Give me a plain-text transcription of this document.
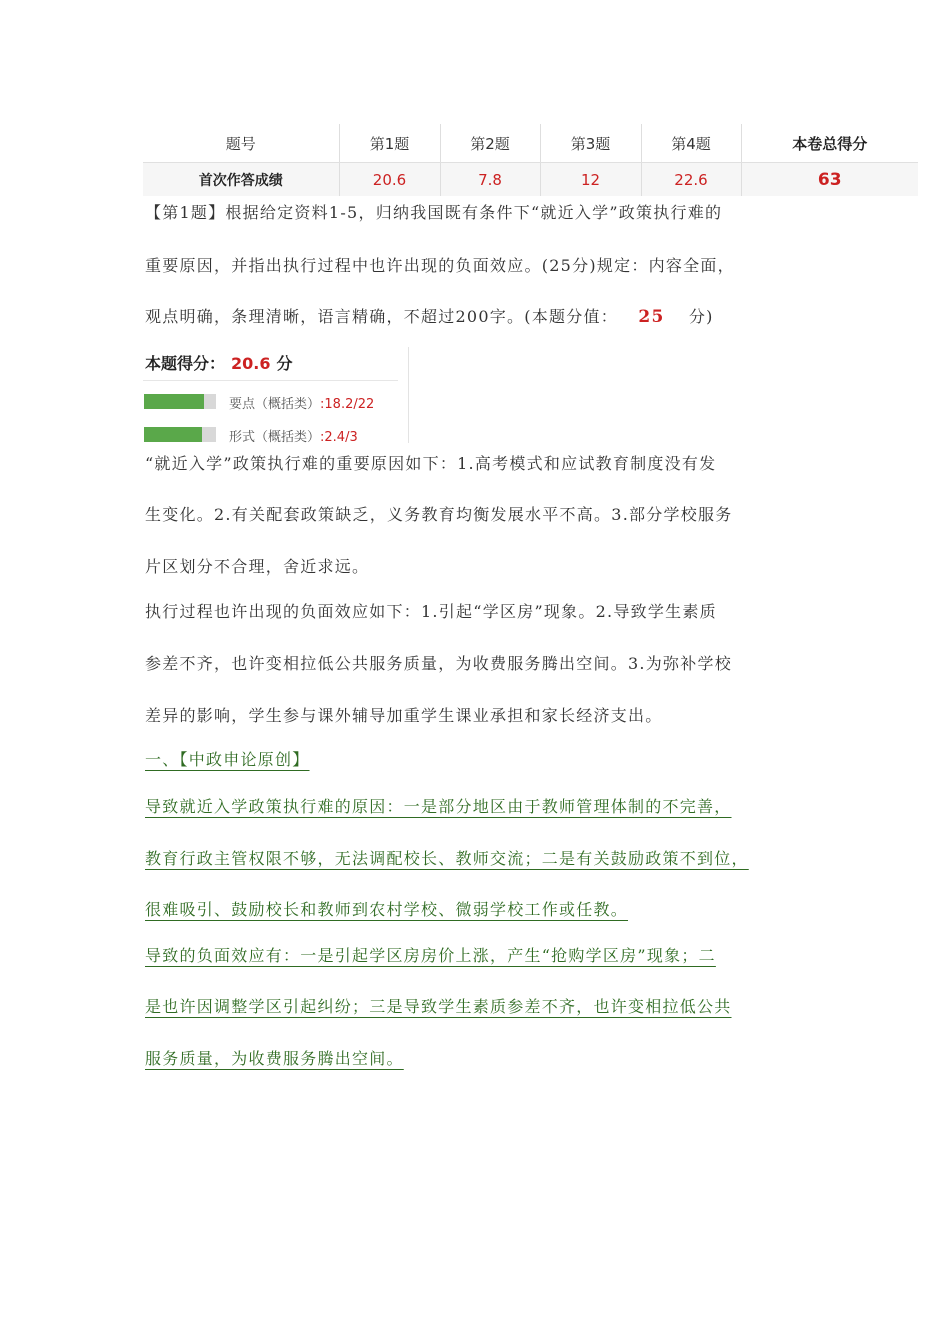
题号	第1题	第2题	第3题	第4题	本卷总得分
首次作答成绩	20.6	7.8	12	22.6	63
【第1题】根据给定资料1-5，归纳我国既有条件下“就近入学”政策执行难的
重要原因，并指出执行过程中也许出现的负面效应。(25分)规定：内容全面，
观点明确，条理清晰，语言精确，不超过200字。(本题分值： 25 分)
本题得分： 20.6 分
要点（概括类）:18.2/22
形式（概括类）:2.4/3
“就近入学”政策执行难的重要原因如下：1.高考模式和应试教育制度没有发
生变化。2.有关配套政策缺乏，义务教育均衡发展水平不高。3.部分学校服务
片区划分不合理，舍近求远。
执行过程也许出现的负面效应如下：1.引起“学区房”现象。2.导致学生素质
参差不齐，也许变相拉低公共服务质量，为收费服务腾出空间。3.为弥补学校
差异的影响，学生参与课外辅导加重学生课业承担和家长经济支出。
一、【中政申论原创】
导致就近入学政策执行难的原因：一是部分地区由于教师管理体制的不完善，
教育行政主管权限不够，无法调配校长、教师交流；二是有关鼓励政策不到位，
很难吸引、鼓励校长和教师到农村学校、微弱学校工作或任教。
导致的负面效应有：一是引起学区房房价上涨，产生“抢购学区房”现象；二
是也许因调整学区引起纠纷；三是导致学生素质参差不齐，也许变相拉低公共
服务质量，为收费服务腾出空间。
